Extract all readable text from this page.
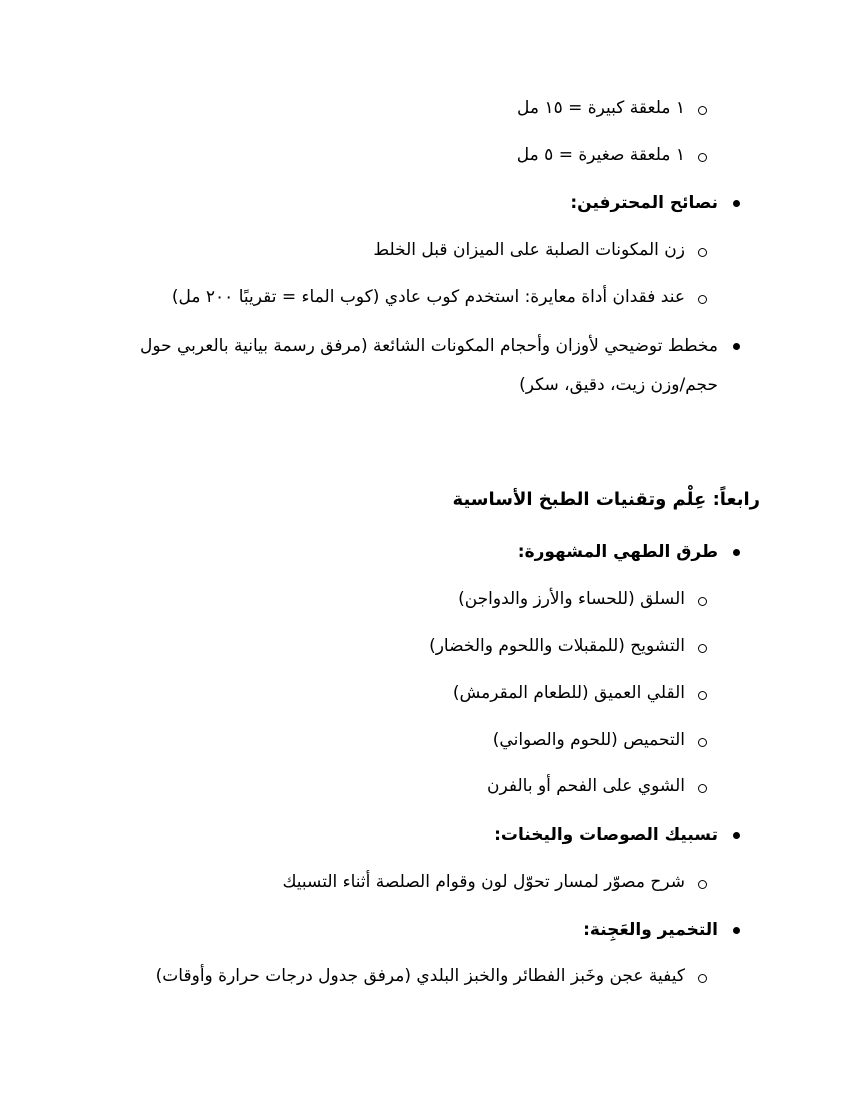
١ ملعقة كبيرة = ١٥ مل
١ ملعقة صغيرة = ٥ مل
نصائح المحترفين:
زن المكونات الصلبة على الميزان قبل الخلط
عند فقدان أداة معايرة: استخدم كوب عادي (كوب الماء = تقريبًا ٢٠٠ مل)
مخطط توضيحي لأوزان وأحجام المكونات الشائعة (مرفق رسمة بيانية بالعربي حول
حجم/وزن زيت، دقيق، سكر)
رابعاً: عِلْم وتقنيات الطبخ الأساسية
طرق الطهي المشهورة:
السلق (للحساء والأرز والدواجن)
التشويح (للمقبلات واللحوم والخضار)
القلي العميق (للطعام المقرمش)
التحميص (للحوم والصواني)
الشوي على الفحم أو بالفرن
تسبيك الصوصات واليخنات:
شرح مصوّر لمسار تحوّل لون وقوام الصلصة أثناء التسبيك
التخمير والعَجِنة:
كيفية عجن وخَبز الفطائر والخبز البلدي (مرفق جدول درجات حرارة وأوقات)
